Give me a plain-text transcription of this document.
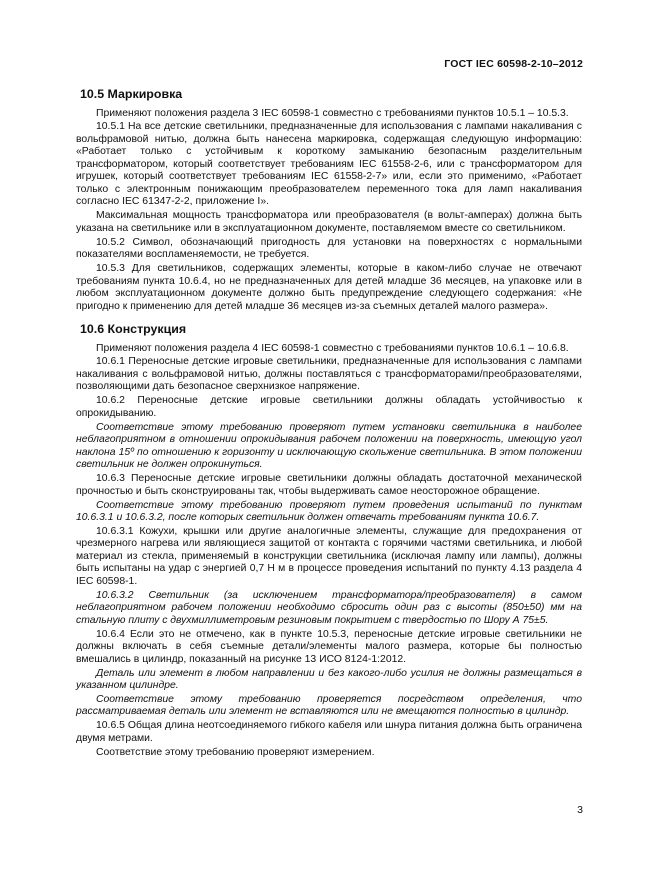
ГОСТ IEC 60598-2-10–2012
10.5 Маркировка

Применяют положения раздела 3 IEC 60598-1 совместно с требованиями пунктов 10.5.1 – 10.5.3.

10.5.1 На все детские светильники, предназначенные для использования с лампами накаливания с вольфрамовой нитью, должна быть нанесена маркировка, содержащая следующую информацию: «Работает только с устойчивым к короткому замыканию безопасным разделительным трансформатором, который соответствует требованиям IEC 61558-2-6, или с трансформатором для игрушек, который соответствует требованиям IEC 61558-2-7» или, если это применимо, «Работает только с электронным понижающим преобразователем переменного тока для ламп накаливания согласно IEC 61347-2-2, приложение I».

Максимальная мощность трансформатора или преобразователя (в вольт-амперах) должна быть указана на светильнике или в эксплуатационном документе, поставляемом вместе со светильником.

10.5.2 Символ, обозначающий пригодность для установки на поверхностях с нормальными показателями воспламеняемости, не требуется.

10.5.3 Для светильников, содержащих элементы, которые в каком-либо случае не отвечают требованиям пункта 10.6.4, но не предназначенных для детей младше 36 месяцев, на упаковке или в любом эксплуатационном документе должно быть предупреждение следующего содержания: «Не пригодно к применению для детей младше 36 месяцев из-за съемных деталей малого размера».

10.6 Конструкция

Применяют положения раздела 4 IEC 60598-1 совместно с требованиями пунктов 10.6.1 – 10.6.8.

10.6.1 Переносные детские игровые светильники, предназначенные для использования с лампами накаливания с вольфрамовой нитью, должны поставляться с трансформаторами/преобразователями, позволяющими дать безопасное сверхнизкое напряжение.

10.6.2 Переносные детские игровые светильники должны обладать устойчивостью к опрокидыванию.

Соответствие этому требованию проверяют путем установки светильника в наиболее неблагоприятном в отношении опрокидывания рабочем положении на поверхность, имеющую угол наклона 15º по отношению к горизонту и исключающую скольжение светильника. В этом положении светильник не должен опрокинуться.

10.6.3 Переносные детские игровые светильники должны обладать достаточной механической прочностью и быть сконструированы так, чтобы выдерживать самое неосторожное обращение.

Соответствие этому требованию проверяют путем проведения испытаний по пунктам 10.6.3.1 и 10.6.3.2, после которых светильник должен отвечать требованиям пункта 10.6.7.

10.6.3.1 Кожухи, крышки или другие аналогичные элементы, служащие для предохранения от чрезмерного нагрева или являющиеся защитой от контакта с горячими частями светильника, и любой материал из стекла, применяемый в конструкции светильника (исключая лампу или лампы), должны быть испытаны на удар с энергией 0,7 Н м в процессе проведения испытаний по пункту 4.13 раздела 4 IEC 60598-1.

10.6.3.2 Светильник (за исключением трансформатора/преобразователя) в самом неблагоприятном рабочем положении необходимо сбросить один раз с высоты (850±50) мм на стальную плиту с двухмиллиметровым резиновым покрытием с твердостью по Шору А 75±5.

10.6.4 Если это не отмечено, как в пункте 10.5.3, переносные детские игровые светильники не должны включать в себя съемные детали/элементы малого размера, которые бы полностью вмешались в цилиндр, показанный на рисунке 13 ИСО 8124-1:2012.

Деталь или элемент в любом направлении и без какого-либо усилия не должны размещаться в указанном цилиндре.

Соответствие этому требованию проверяется посредством определения, что рассматриваемая деталь или элемент не вставляются или не вмещаются полностью в цилиндр.

10.6.5 Общая длина неотсоединяемого гибкого кабеля или шнура питания должна быть ограничена двумя метрами.

Соответствие этому требованию проверяют измерением.

3
